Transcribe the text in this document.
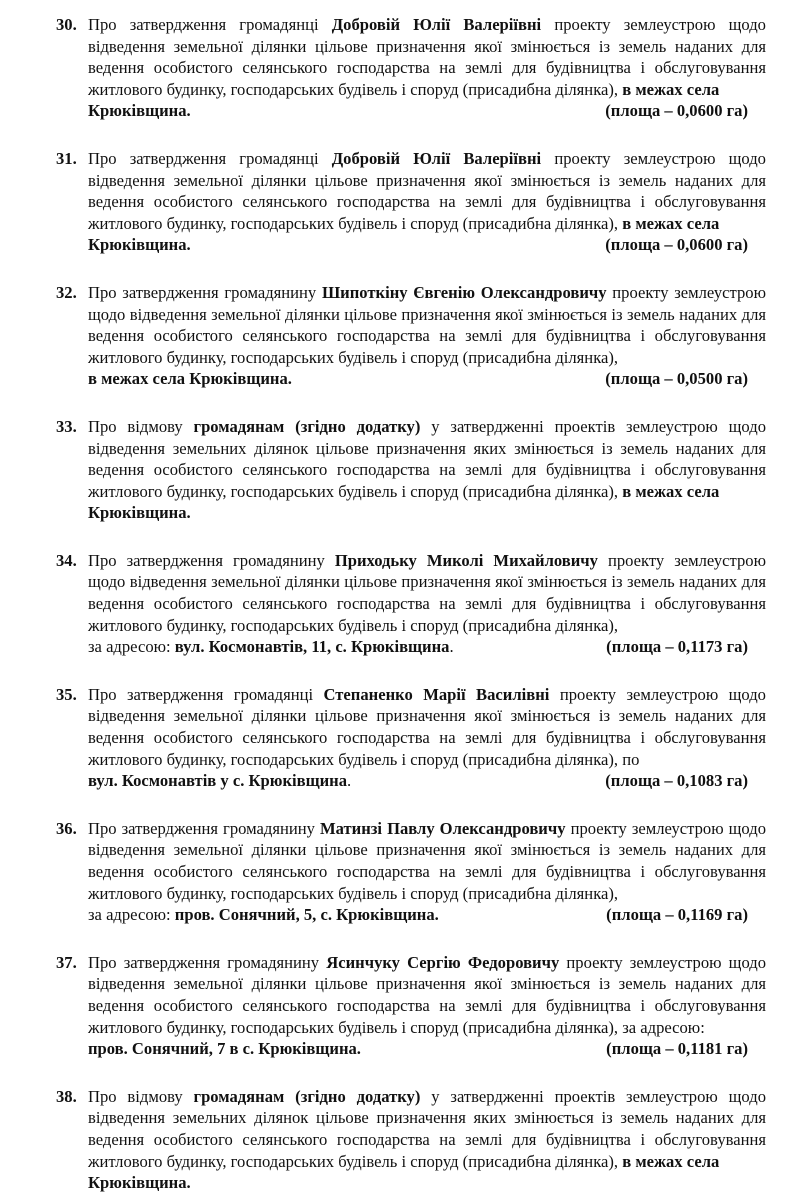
30. Про затвердження громадянці Добровій Юлії Валеріївні проекту землеустрою щодо відведення земельної ділянки цільове призначення якої змінюється із земель наданих для ведення особистого селянського господарства на землі для будівництва і обслуговування житлового будинку, господарських будівель і споруд (присадибна ділянка), в межах села
Крюківщина.	(площа – 0,0600 га)
31. Про затвердження громадянці Добровій Юлії Валеріївні проекту землеустрою щодо відведення земельної ділянки цільове призначення якої змінюється із земель наданих для ведення особистого селянського господарства на землі для будівництва і обслуговування житлового будинку, господарських будівель і споруд (присадибна ділянка), в межах села
Крюківщина.	(площа – 0,0600 га)
32. Про затвердження громадянину Шипоткіну Євгенію Олександровичу проекту землеустрою щодо відведення земельної ділянки цільове призначення якої змінюється із земель наданих для ведення особистого селянського господарства на землі для будівництва і обслуговування житлового будинку, господарських будівель і споруд (присадибна ділянка),
в межах села Крюківщина.	(площа – 0,0500 га)
33. Про відмову громадянам (згідно додатку) у затвердженні проектів землеустрою щодо відведення земельних ділянок цільове призначення яких змінюється із земель наданих для ведення особистого селянського господарства на землі для будівництва і обслуговування житлового будинку, господарських будівель і споруд (присадибна ділянка), в межах села
Крюківщина.
34. Про затвердження громадянину Приходьку Миколі Михайловичу проекту землеустрою щодо відведення земельної ділянки цільове призначення якої змінюється із земель наданих для ведення особистого селянського господарства на землі для будівництва і обслуговування житлового будинку, господарських будівель і споруд (присадибна ділянка),
за адресою: вул. Космонавтів, 11, с. Крюківщина.	(площа – 0,1173 га)
35. Про затвердження громадянці Степаненко Марії Василівні проекту землеустрою щодо відведення земельної ділянки цільове призначення якої змінюється із земель наданих для ведення особистого селянського господарства на землі для будівництва і обслуговування житлового будинку, господарських будівель і споруд (присадибна ділянка), по
вул. Космонавтів у с. Крюківщина.	(площа – 0,1083 га)
36. Про затвердження громадянину Матинзі Павлу Олександровичу проекту землеустрою щодо відведення земельної ділянки цільове призначення якої змінюється із земель наданих для ведення особистого селянського господарства на землі для будівництва і обслуговування житлового будинку, господарських будівель і споруд (присадибна ділянка),
за адресою: пров. Сонячний, 5, с. Крюківщина.	(площа – 0,1169 га)
37. Про затвердження громадянину Ясинчуку Сергію Федоровичу проекту землеустрою щодо відведення земельної ділянки цільове призначення якої змінюється із земель наданих для ведення особистого селянського господарства на землі для будівництва і обслуговування житлового будинку, господарських будівель і споруд (присадибна ділянка), за адресою:
пров. Сонячний, 7 в с. Крюківщина.	(площа – 0,1181 га)
38. Про відмову громадянам (згідно додатку) у затвердженні проектів землеустрою щодо відведення земельних ділянок цільове призначення яких змінюється із земель наданих для ведення особистого селянського господарства на землі для будівництва і обслуговування житлового будинку, господарських будівель і споруд (присадибна ділянка), в межах села
Крюківщина.
